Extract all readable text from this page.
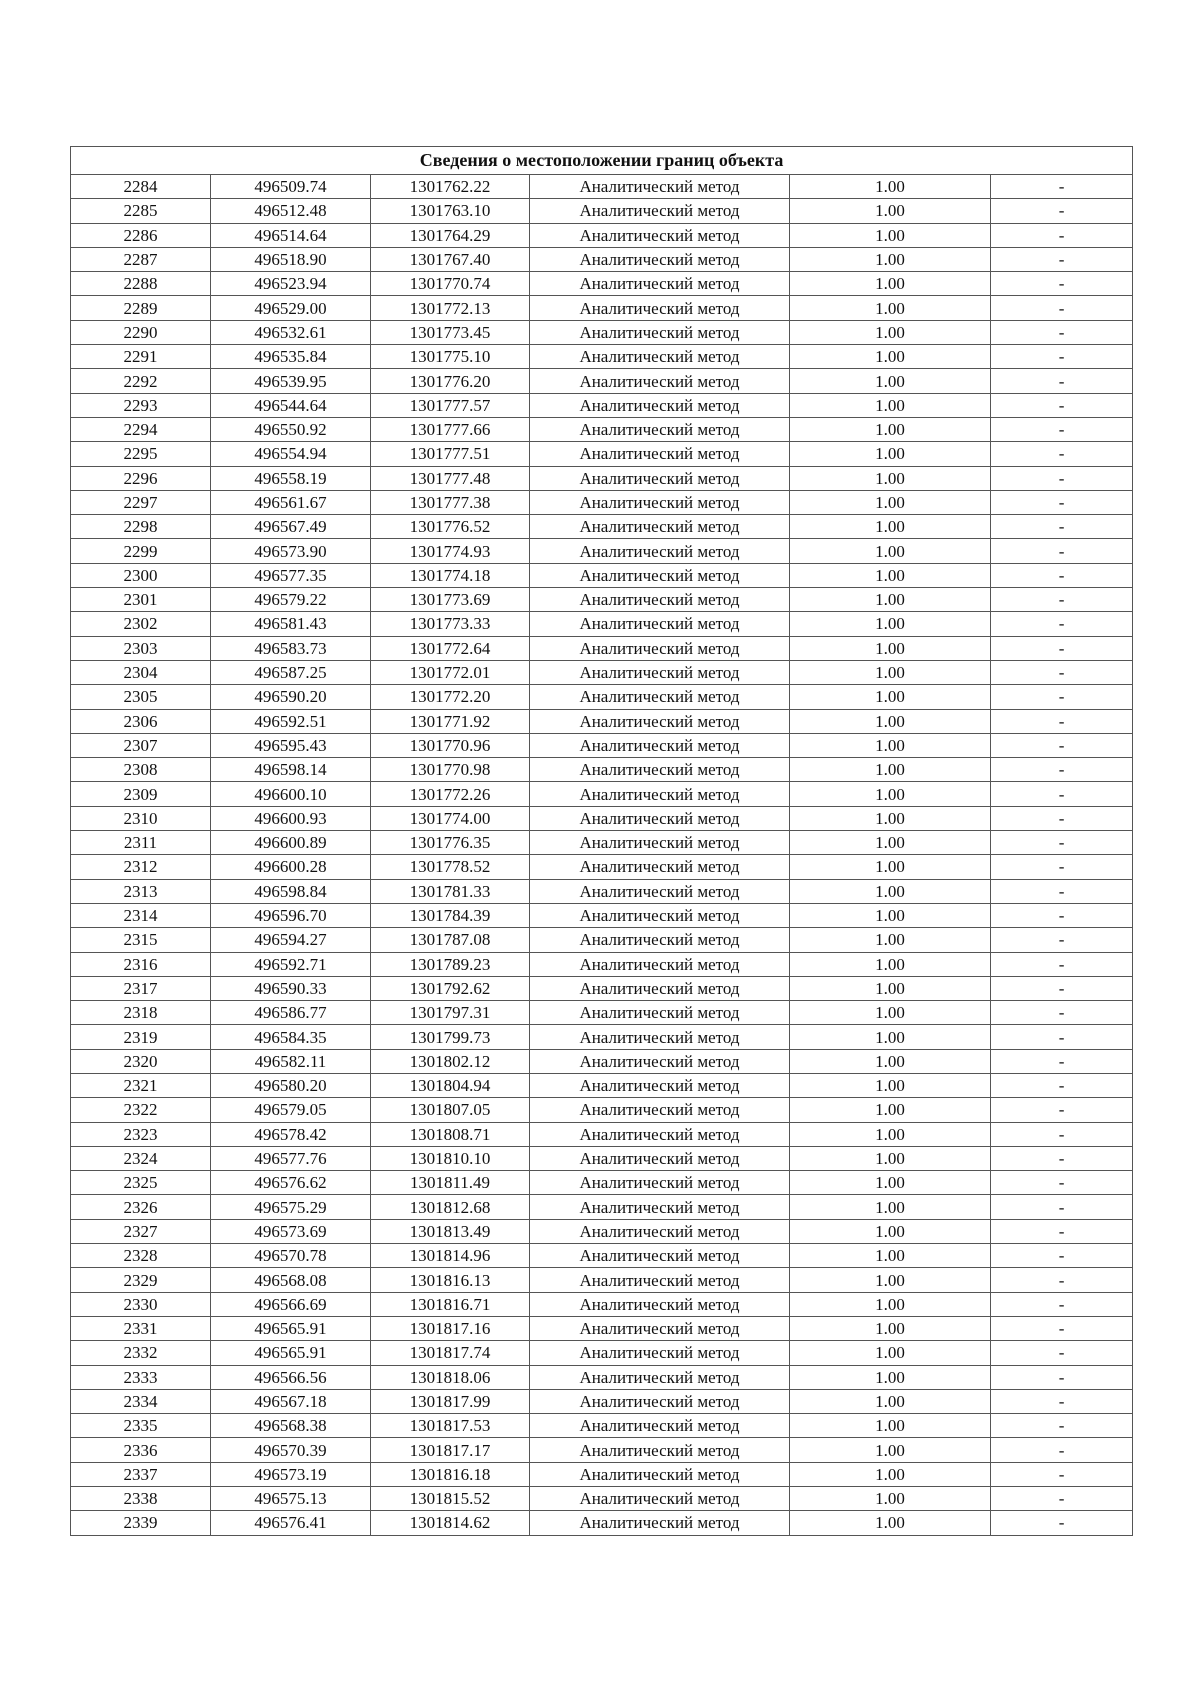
Сведения о местоположении границ объекта					
2284	496509.74	1301762.22	Аналитический метод	1.00	-
2285	496512.48	1301763.10	Аналитический метод	1.00	-
2286	496514.64	1301764.29	Аналитический метод	1.00	-
2287	496518.90	1301767.40	Аналитический метод	1.00	-
2288	496523.94	1301770.74	Аналитический метод	1.00	-
2289	496529.00	1301772.13	Аналитический метод	1.00	-
2290	496532.61	1301773.45	Аналитический метод	1.00	-
2291	496535.84	1301775.10	Аналитический метод	1.00	-
2292	496539.95	1301776.20	Аналитический метод	1.00	-
2293	496544.64	1301777.57	Аналитический метод	1.00	-
2294	496550.92	1301777.66	Аналитический метод	1.00	-
2295	496554.94	1301777.51	Аналитический метод	1.00	-
2296	496558.19	1301777.48	Аналитический метод	1.00	-
2297	496561.67	1301777.38	Аналитический метод	1.00	-
2298	496567.49	1301776.52	Аналитический метод	1.00	-
2299	496573.90	1301774.93	Аналитический метод	1.00	-
2300	496577.35	1301774.18	Аналитический метод	1.00	-
2301	496579.22	1301773.69	Аналитический метод	1.00	-
2302	496581.43	1301773.33	Аналитический метод	1.00	-
2303	496583.73	1301772.64	Аналитический метод	1.00	-
2304	496587.25	1301772.01	Аналитический метод	1.00	-
2305	496590.20	1301772.20	Аналитический метод	1.00	-
2306	496592.51	1301771.92	Аналитический метод	1.00	-
2307	496595.43	1301770.96	Аналитический метод	1.00	-
2308	496598.14	1301770.98	Аналитический метод	1.00	-
2309	496600.10	1301772.26	Аналитический метод	1.00	-
2310	496600.93	1301774.00	Аналитический метод	1.00	-
2311	496600.89	1301776.35	Аналитический метод	1.00	-
2312	496600.28	1301778.52	Аналитический метод	1.00	-
2313	496598.84	1301781.33	Аналитический метод	1.00	-
2314	496596.70	1301784.39	Аналитический метод	1.00	-
2315	496594.27	1301787.08	Аналитический метод	1.00	-
2316	496592.71	1301789.23	Аналитический метод	1.00	-
2317	496590.33	1301792.62	Аналитический метод	1.00	-
2318	496586.77	1301797.31	Аналитический метод	1.00	-
2319	496584.35	1301799.73	Аналитический метод	1.00	-
2320	496582.11	1301802.12	Аналитический метод	1.00	-
2321	496580.20	1301804.94	Аналитический метод	1.00	-
2322	496579.05	1301807.05	Аналитический метод	1.00	-
2323	496578.42	1301808.71	Аналитический метод	1.00	-
2324	496577.76	1301810.10	Аналитический метод	1.00	-
2325	496576.62	1301811.49	Аналитический метод	1.00	-
2326	496575.29	1301812.68	Аналитический метод	1.00	-
2327	496573.69	1301813.49	Аналитический метод	1.00	-
2328	496570.78	1301814.96	Аналитический метод	1.00	-
2329	496568.08	1301816.13	Аналитический метод	1.00	-
2330	496566.69	1301816.71	Аналитический метод	1.00	-
2331	496565.91	1301817.16	Аналитический метод	1.00	-
2332	496565.91	1301817.74	Аналитический метод	1.00	-
2333	496566.56	1301818.06	Аналитический метод	1.00	-
2334	496567.18	1301817.99	Аналитический метод	1.00	-
2335	496568.38	1301817.53	Аналитический метод	1.00	-
2336	496570.39	1301817.17	Аналитический метод	1.00	-
2337	496573.19	1301816.18	Аналитический метод	1.00	-
2338	496575.13	1301815.52	Аналитический метод	1.00	-
2339	496576.41	1301814.62	Аналитический метод	1.00	-
